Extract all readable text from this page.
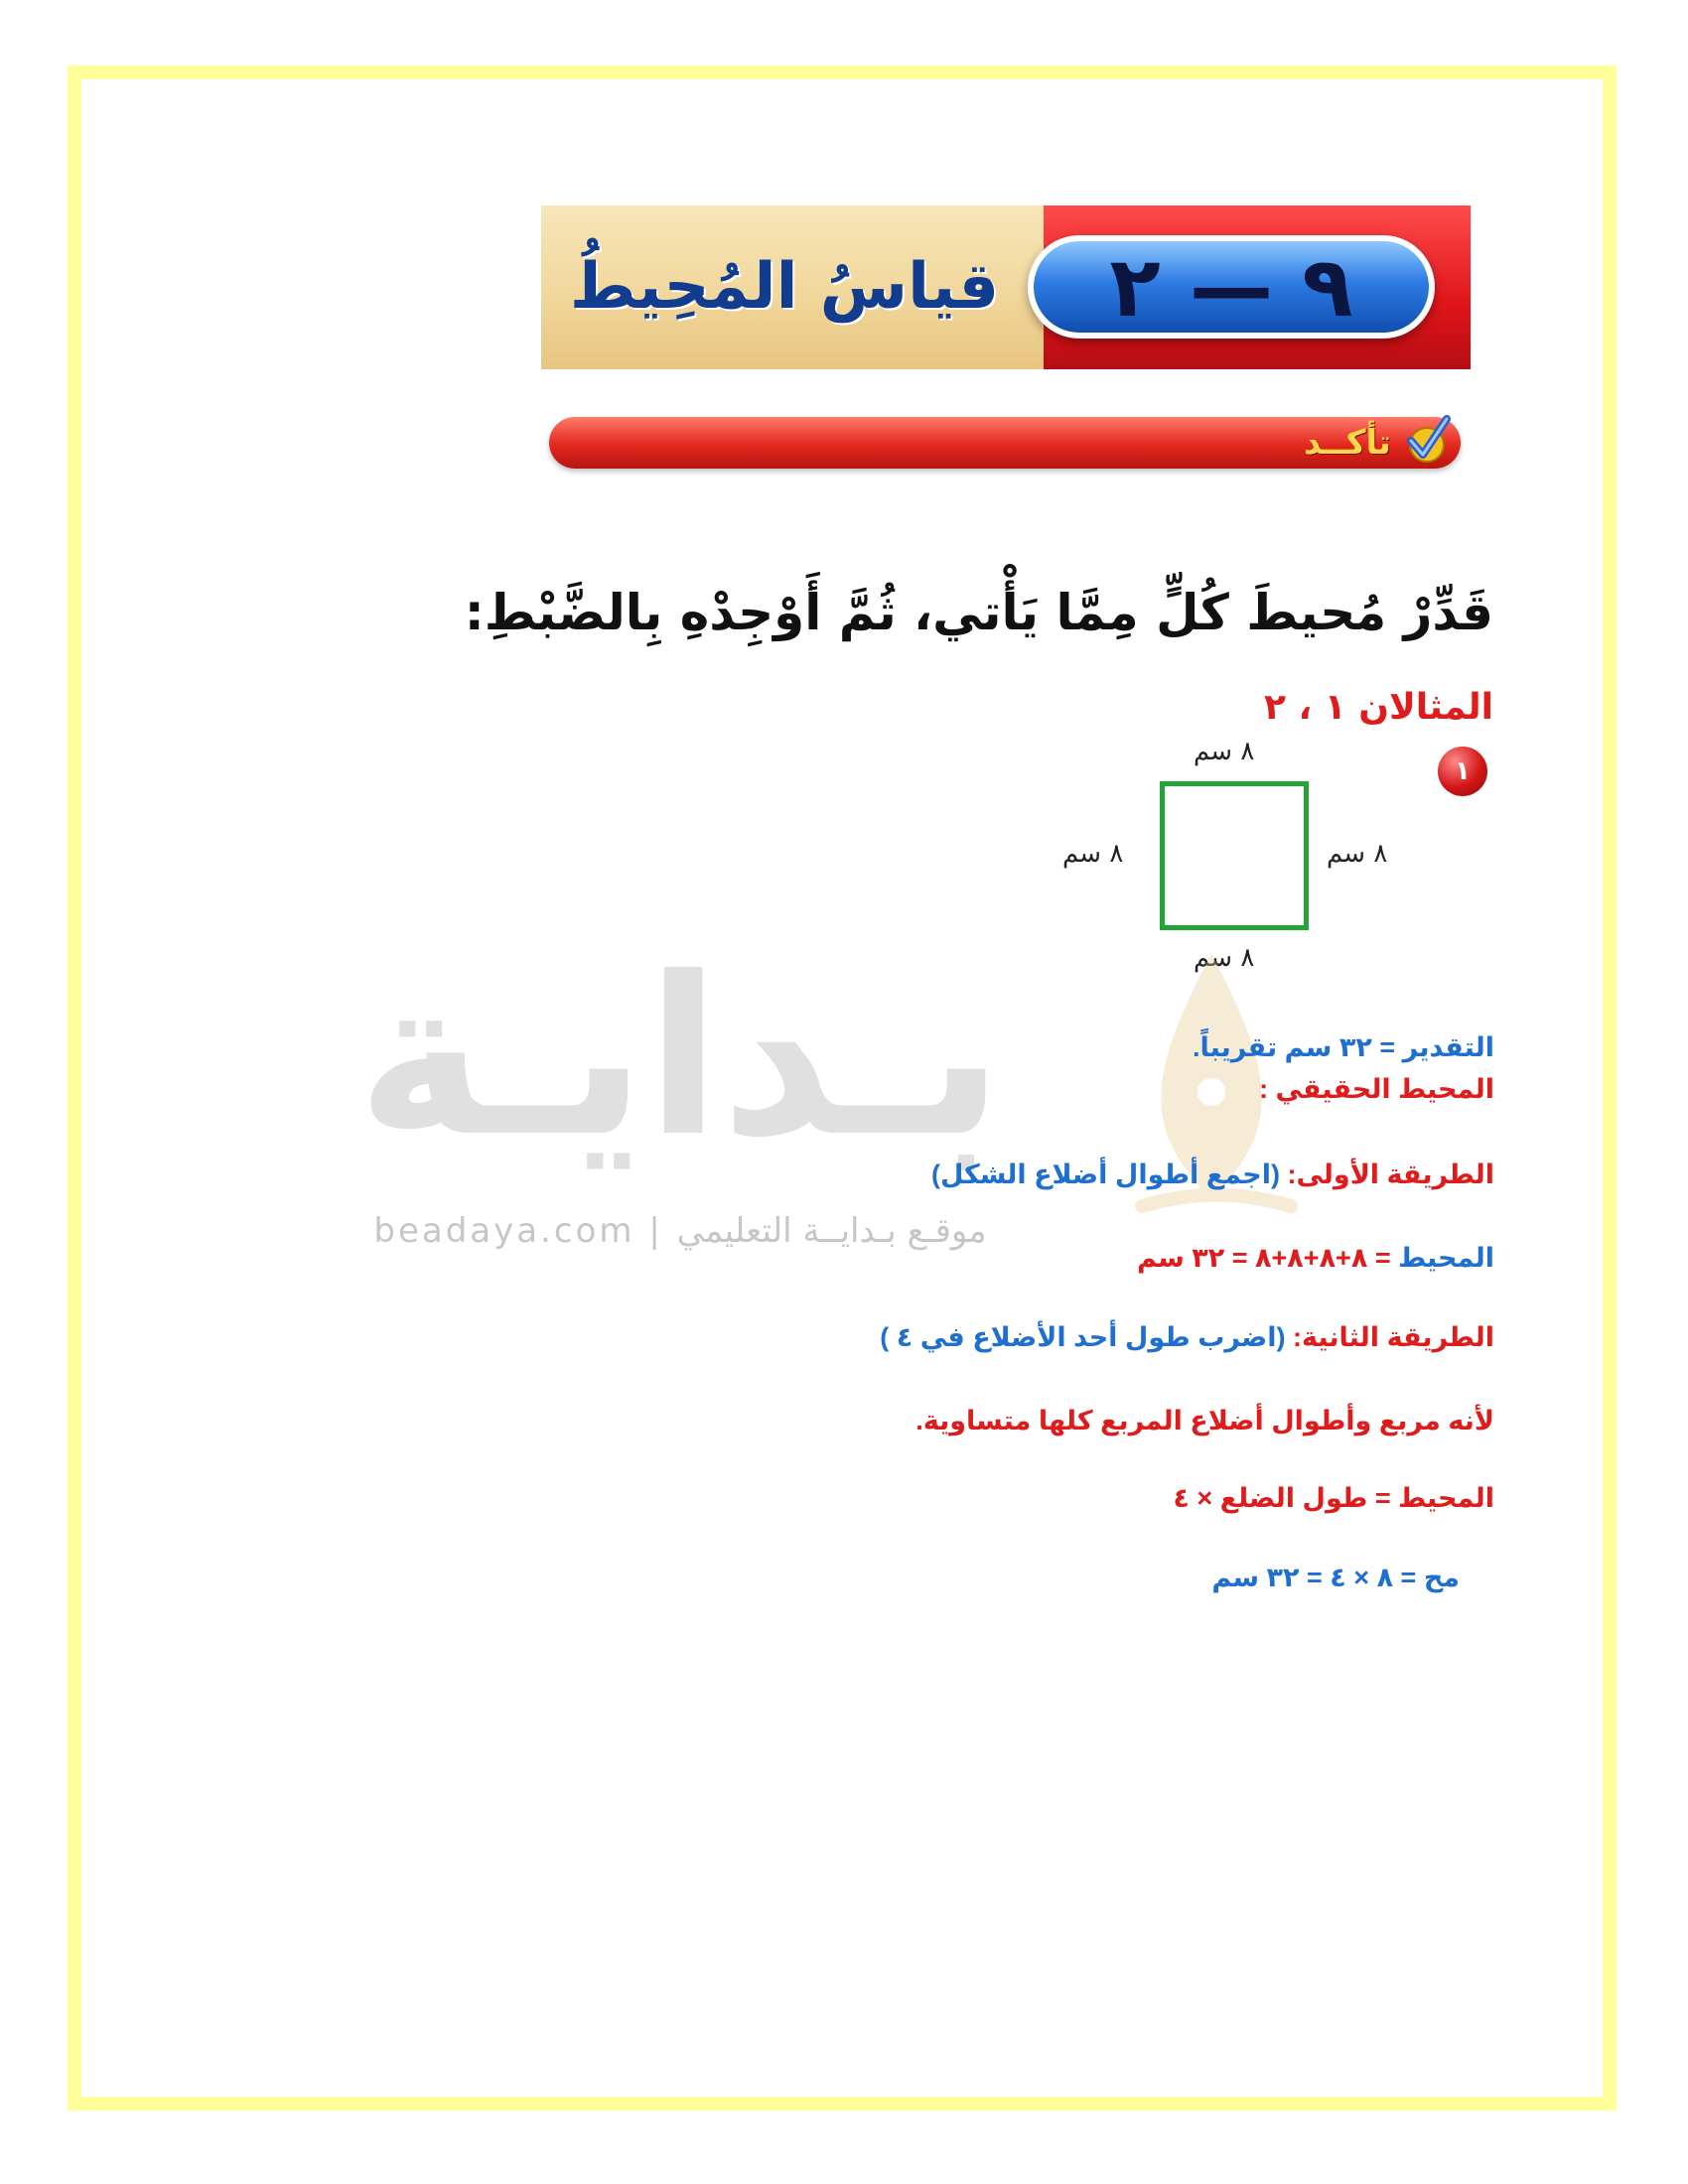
٩ — ٢
قياسُ المُحِيطُ
تأكــد
قَدِّرْ مُحيطَ كُلٍّ مِمَّا يَأْتي، ثُمَّ أَوْجِدْهِ بِالضَّبْطِ: المثالان ١ ، ٢
١
٨ سم
٨ سم
٨ سم	٨ سم
بـدايـة
beadaya.com | موقـع بـدايــة التعليمي
التقدير = ٣٢ سم تقريباً.
المحيط الحقيقي :
الطريقة الأولى: (اجمع أطوال أضلاع الشكل)
المحيط = ٨+٨+٨+٨ = ٣٢ سم
الطريقة الثانية: (اضرب طول أحد الأضلاع في ٤ )
لأنه مربع وأطوال أضلاع المربع كلها متساوية.
المحيط = طول الضلع × ٤
مح = ٨ × ٤ = ٣٢ سم
